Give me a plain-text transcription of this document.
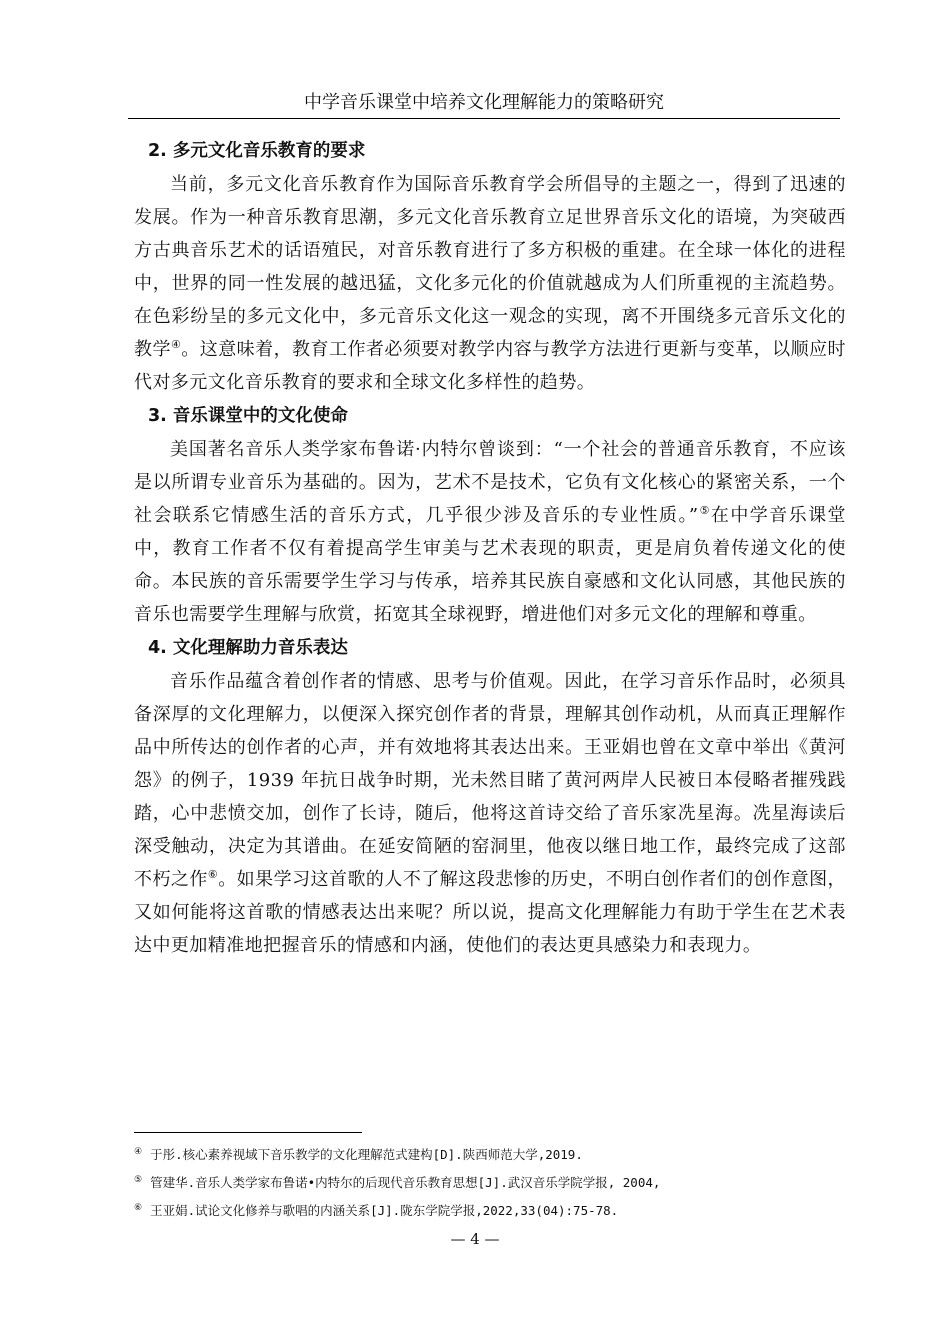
中学音乐课堂中培养文化理解能力的策略研究

2. 多元文化音乐教育的要求

当前，多元文化音乐教育作为国际音乐教育学会所倡导的主题之一，得到了迅速的发展。作为一种音乐教育思潮，多元文化音乐教育立足世界音乐文化的语境，为突破西方古典音乐艺术的话语殖民，对音乐教育进行了多方积极的重建。在全球一体化的进程中，世界的同一性发展的越迅猛，文化多元化的价值就越成为人们所重视的主流趋势。在色彩纷呈的多元文化中，多元音乐文化这一观念的实现，离不开围绕多元音乐文化的教学④。这意味着，教育工作者必须要对教学内容与教学方法进行更新与变革，以顺应时代对多元文化音乐教育的要求和全球文化多样性的趋势。

3. 音乐课堂中的文化使命

美国著名音乐人类学家布鲁诺·内特尔曾谈到：“一个社会的普通音乐教育，不应该是以所谓专业音乐为基础的。因为，艺术不是技术，它负有文化核心的紧密关系，一个社会联系它情感生活的音乐方式，几乎很少涉及音乐的专业性质。”⑤在中学音乐课堂中，教育工作者不仅有着提高学生审美与艺术表现的职责，更是肩负着传递文化的使命。本民族的音乐需要学生学习与传承，培养其民族自豪感和文化认同感，其他民族的音乐也需要学生理解与欣赏，拓宽其全球视野，增进他们对多元文化的理解和尊重。

4. 文化理解助力音乐表达

音乐作品蕴含着创作者的情感、思考与价值观。因此，在学习音乐作品时，必须具备深厚的文化理解力，以便深入探究创作者的背景，理解其创作动机，从而真正理解作品中所传达的创作者的心声，并有效地将其表达出来。王亚娟也曾在文章中举出《黄河怨》的例子，1939 年抗日战争时期，光未然目睹了黄河两岸人民被日本侵略者摧残践踏，心中悲愤交加，创作了长诗，随后，他将这首诗交给了音乐家冼星海。冼星海读后深受触动，决定为其谱曲。在延安简陋的窑洞里，他夜以继日地工作，最终完成了这部不朽之作⑥。如果学习这首歌的人不了解这段悲惨的历史，不明白创作者们的创作意图，又如何能将这首歌的情感表达出来呢？所以说，提高文化理解能力有助于学生在艺术表达中更加精准地把握音乐的情感和内涵，使他们的表达更具感染力和表现力。

④ 于彤.核心素养视域下音乐教学的文化理解范式建构[D].陕西师范大学,2019.

⑤ 管建华.音乐人类学家布鲁诺•内特尔的后现代音乐教育思想[J].武汉音乐学院学报, 2004,

⑥ 王亚娟.试论文化修养与歌唱的内涵关系[J].陇东学院学报,2022,33(04):75-78.

— 4 —
